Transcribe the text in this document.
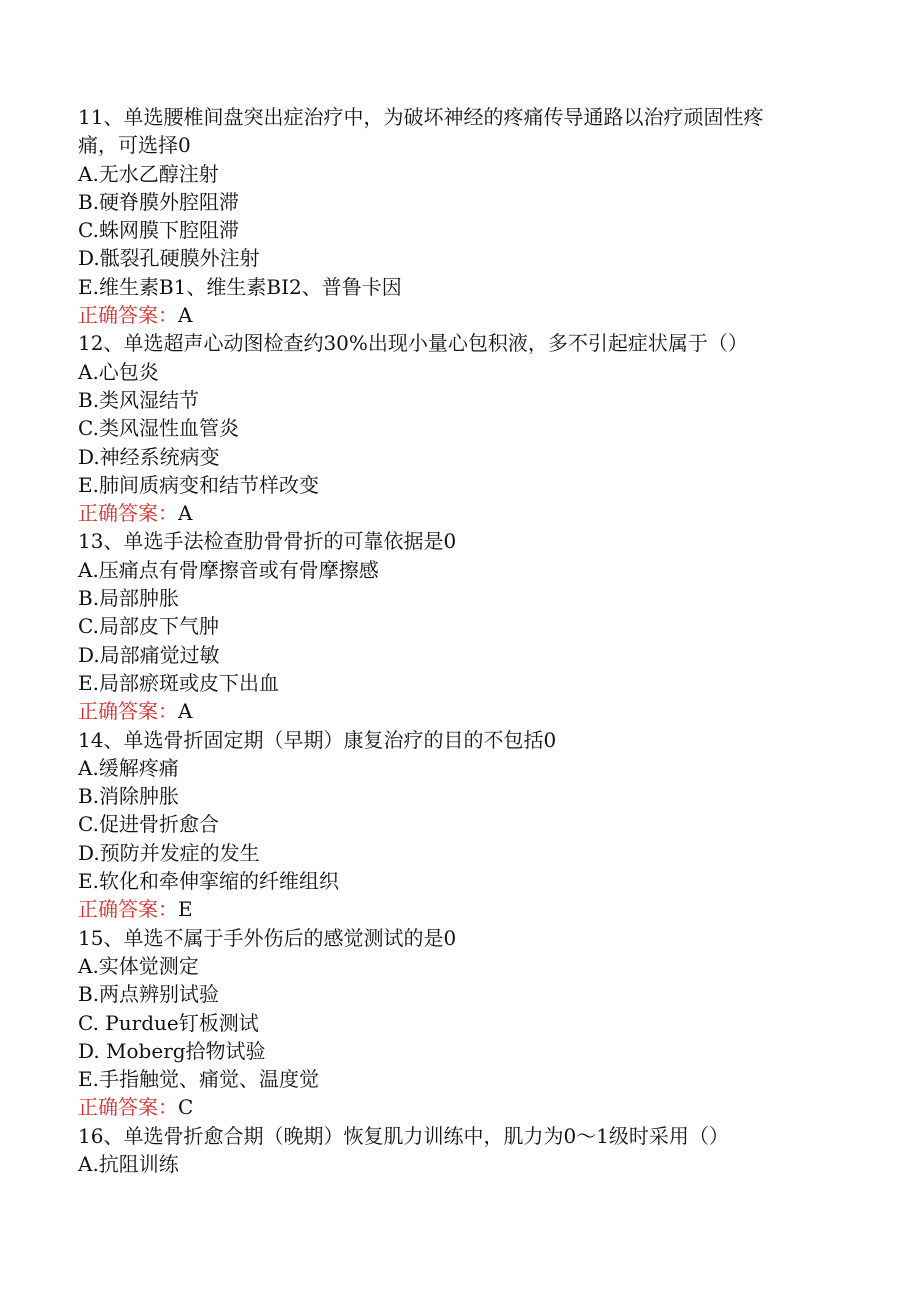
11、单选腰椎间盘突出症治疗中，为破坏神经的疼痛传导通路以治疗顽固性疼

痛，可选择0

A.无水乙醇注射

B.硬脊膜外腔阻滞

C.蛛网膜下腔阻滞

D.骶裂孔硬膜外注射

E.维生素B1、维生素BI2、普鲁卡因

正确答案：A

12、单选超声心动图检查约30%出现小量心包积液，多不引起症状属于（）

A.心包炎

B.类风湿结节

C.类风湿性血管炎

D.神经系统病变

E.肺间质病变和结节样改变

正确答案：A

13、单选手法检查肋骨骨折的可靠依据是0

A.压痛点有骨摩擦音或有骨摩擦感

B.局部肿胀

C.局部皮下气肿

D.局部痛觉过敏

E.局部瘀斑或皮下出血

正确答案：A

14、单选骨折固定期（早期）康复治疗的目的不包括0

A.缓解疼痛

B.消除肿胀

C.促进骨折愈合

D.预防并发症的发生

E.软化和牵伸挛缩的纤维组织

正确答案：E

15、单选不属于手外伤后的感觉测试的是0

A.实体觉测定

B.两点辨别试验

C. Purdue钉板测试

D. Moberg拾物试验

E.手指触觉、痛觉、温度觉

正确答案：C

16、单选骨折愈合期（晚期）恢复肌力训练中，肌力为0～1级时采用（）

A.抗阻训练
